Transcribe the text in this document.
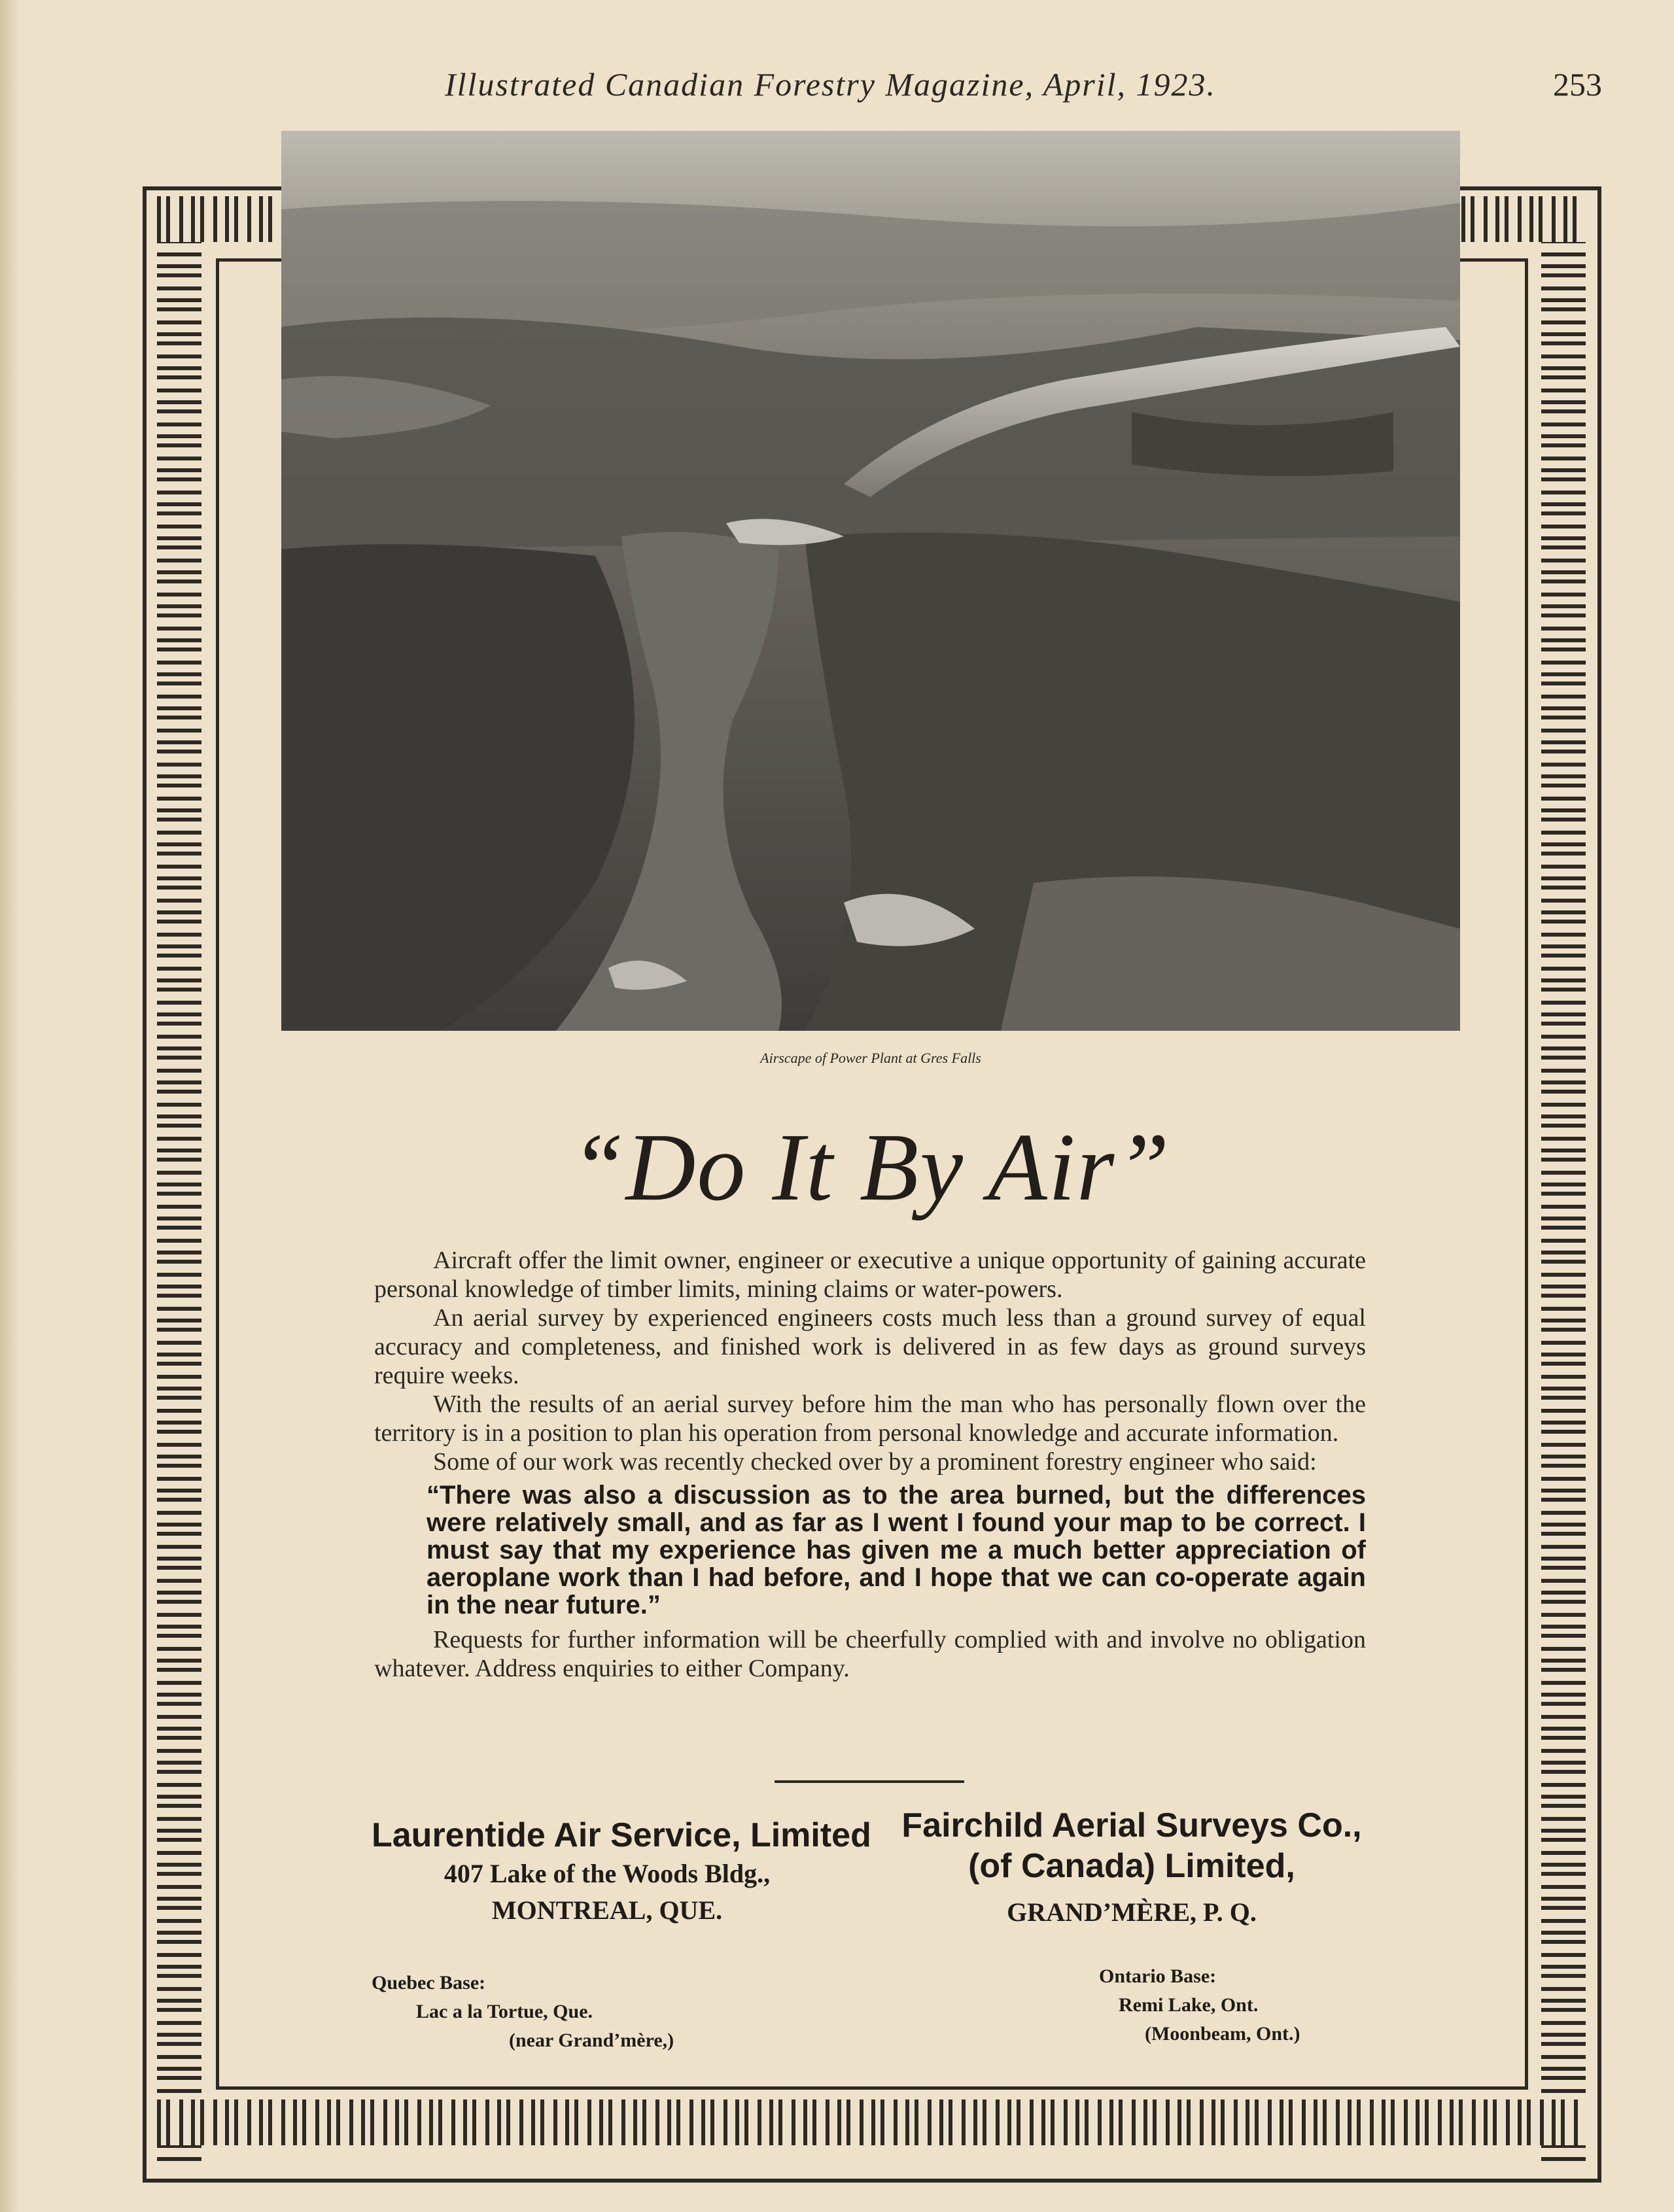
Illustrated Canadian Forestry Magazine, April, 1923.	253
Airscape of Power Plant at Gres Falls
“Do It By Air”

Aircraft offer the limit owner, engineer or executive a unique opportunity of gaining accurate personal knowledge of timber limits, mining claims or water-powers.

An aerial survey by experienced engineers costs much less than a ground survey of equal accuracy and completeness, and finished work is delivered in as few days as ground surveys require weeks.

With the results of an aerial survey before him the man who has personally flown over the territory is in a position to plan his operation from personal knowledge and accurate information.

Some of our work was recently checked over by a prominent forestry engineer who said:

“There was also a discussion as to the area burned, but the differences were relatively small, and as far as I went I found your map to be correct. I must say that my experience has given me a much better appreciation of aeroplane work than I had before, and I hope that we can co-operate again in the near future.”

Requests for further information will be cheerfully complied with and involve no obligation whatever. Address enquiries to either Company.

Laurentide Air Service, Limited
407 Lake of the Woods Bldg.,
MONTREAL, QUE.
Fairchild Aerial Surveys Co.,
(of Canada) Limited,
GRAND’MÈRE, P. Q.
Quebec Base:
Lac a la Tortue, Que.
(near Grand’mère,)
Ontario Base:
Remi Lake, Ont.
(Moonbeam, Ont.)
